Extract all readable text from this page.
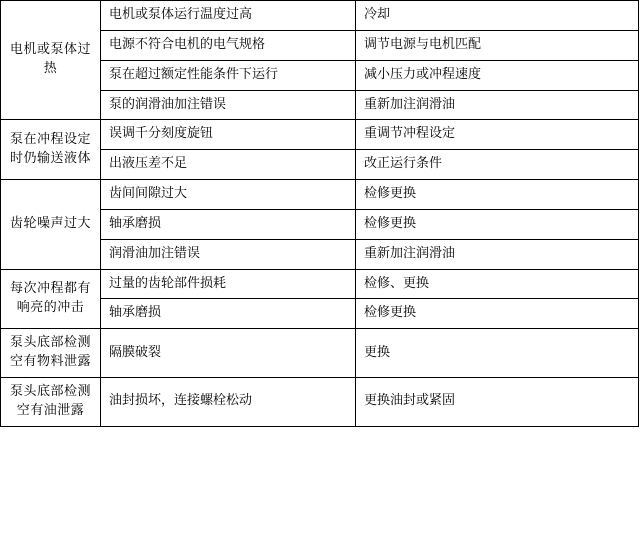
电机或泵体过热	电机或泵体运行温度过高	冷却
	电源不符合电机的电气规格	调节电源与电机匹配
	泵在超过额定性能条件下运行	减小压力或冲程速度
	泵的润滑油加注错误	重新加注润滑油
泵在冲程设定时仍输送液体	误调千分刻度旋钮	重调节冲程设定
	出液压差不足	改正运行条件
齿轮噪声过大	齿间间隙过大	检修更换
	轴承磨损	检修更换
	润滑油加注错误	重新加注润滑油
每次冲程都有响亮的冲击	过量的齿轮部件损耗	检修、更换
	轴承磨损	检修更换
泵头底部检测空有物料泄露	隔膜破裂	更换
泵头底部检测空有油泄露	油封损坏，连接螺栓松动	更换油封或紧固
